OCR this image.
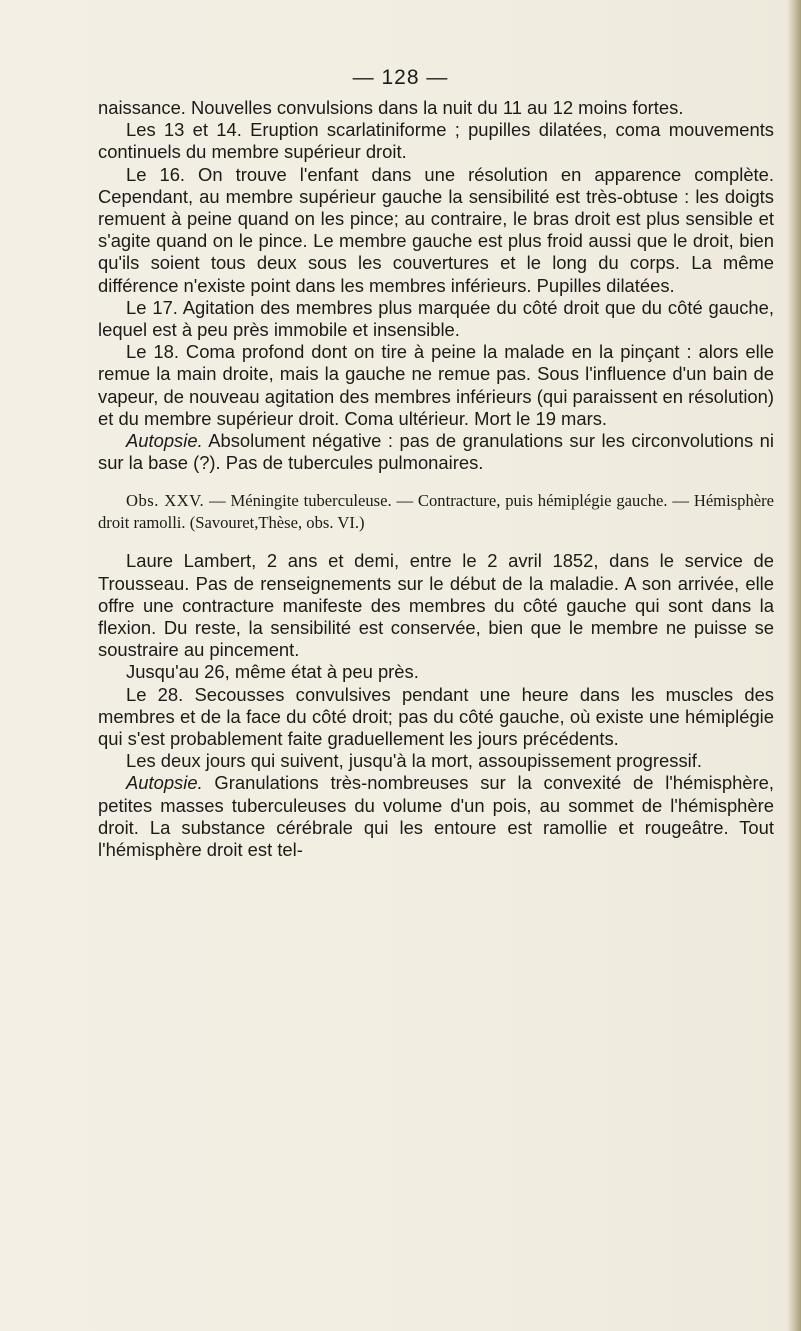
— 128 —

naissance. Nouvelles convulsions dans la nuit du 11 au 12 moins fortes.

Les 13 et 14. Eruption scarlatiniforme ; pupilles dilatées, coma mouvements continuels du membre supérieur droit.

Le 16. On trouve l'enfant dans une résolution en apparence complète. Cependant, au membre supérieur gauche la sensibilité est très-obtuse : les doigts remuent à peine quand on les pince; au contraire, le bras droit est plus sensible et s'agite quand on le pince. Le membre gauche est plus froid aussi que le droit, bien qu'ils soient tous deux sous les couvertures et le long du corps. La même différence n'existe point dans les membres inférieurs. Pupilles dilatées.

Le 17. Agitation des membres plus marquée du côté droit que du côté gauche, lequel est à peu près immobile et insensible.

Le 18. Coma profond dont on tire à peine la malade en la pinçant : alors elle remue la main droite, mais la gauche ne remue pas. Sous l'influence d'un bain de vapeur, de nouveau agitation des membres inférieurs (qui paraissent en résolution) et du membre supérieur droit. Coma ultérieur. Mort le 19 mars.

Autopsie. Absolument négative : pas de granulations sur les circonvolutions ni sur la base (?). Pas de tubercules pulmonaires.

Obs. XXV. — Méningite tuberculeuse. — Contracture, puis hémiplégie gauche. — Hémisphère droit ramolli. (Savouret,Thèse, obs. VI.)

Laure Lambert, 2 ans et demi, entre le 2 avril 1852, dans le service de Trousseau. Pas de renseignements sur le début de la maladie. A son arrivée, elle offre une contracture manifeste des membres du côté gauche qui sont dans la flexion. Du reste, la sensibilité est conservée, bien que le membre ne puisse se soustraire au pincement.

Jusqu'au 26, même état à peu près.

Le 28. Secousses convulsives pendant une heure dans les muscles des membres et de la face du côté droit; pas du côté gauche, où existe une hémiplégie qui s'est probablement faite graduellement les jours précédents.

Les deux jours qui suivent, jusqu'à la mort, assoupissement progressif.

Autopsie. Granulations très-nombreuses sur la convexité de l'hémisphère, petites masses tuberculeuses du volume d'un pois, au sommet de l'hémisphère droit. La substance cérébrale qui les entoure est ramollie et rougeâtre. Tout l'hémisphère droit est tel-
